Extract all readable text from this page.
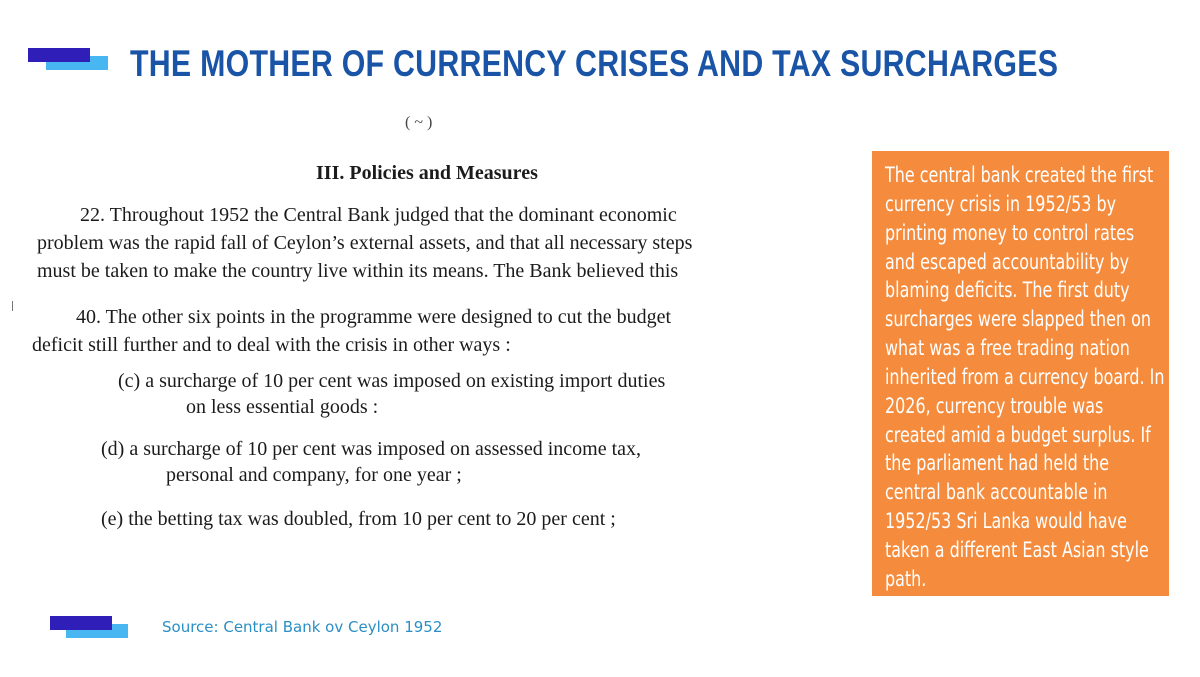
THE MOTHER OF CURRENCY CRISES AND TAX SURCHARGES
( ~ )
III. Policies and Measures
22. Throughout 1952 the Central Bank judged that the dominant economic
problem was the rapid fall of Ceylon’s external assets, and that all necessary steps
must be taken to make the country live within its means. The Bank believed this
40. The other six points in the programme were designed to cut the budget
deficit still further and to deal with the crisis in other ways :
(c) a surcharge of 10 per cent was imposed on existing import duties
on less essential goods :
(d) a surcharge of 10 per cent was imposed on assessed income tax,
personal and company, for one year ;
(e) the betting tax was doubled, from 10 per cent to 20 per cent ;

The central bank created the first currency crisis in 1952/53 by printing money to control rates and escaped accountability by blaming deficits. The first duty surcharges were slapped then on what was a free trading nation inherited from a currency board. In 2026, currency trouble was created amid a budget surplus. If the parliament had held the central bank accountable in 1952/53 Sri Lanka would have taken a different East Asian style path.

Source: Central Bank ov Ceylon 1952
